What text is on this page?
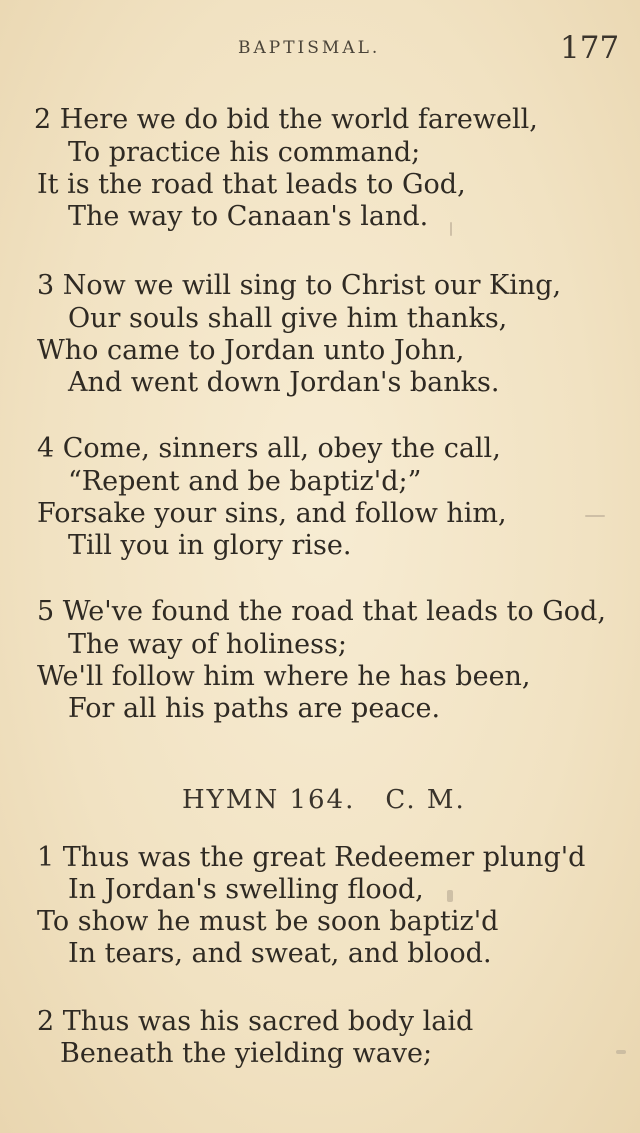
BAPTISMAL.	177
2 Here we do bid the world farewell,
To practice his command;
It is the road that leads to God,
The way to Canaan's land.
3 Now we will sing to Christ our King,
Our souls shall give him thanks,
Who came to Jordan unto John,
And went down Jordan's banks.
4 Come, sinners all, obey the call,
“Repent and be baptiz'd;”
Forsake your sins, and follow him,
Till you in glory rise.
5 We've found the road that leads to God,
The way of holiness;
We'll follow him where he has been,
For all his paths are peace.
HYMN 164. C. M.
1 Thus was the great Redeemer plung'd
In Jordan's swelling flood,
To show he must be soon baptiz'd
In tears, and sweat, and blood.
2 Thus was his sacred body laid
Beneath the yielding wave;
